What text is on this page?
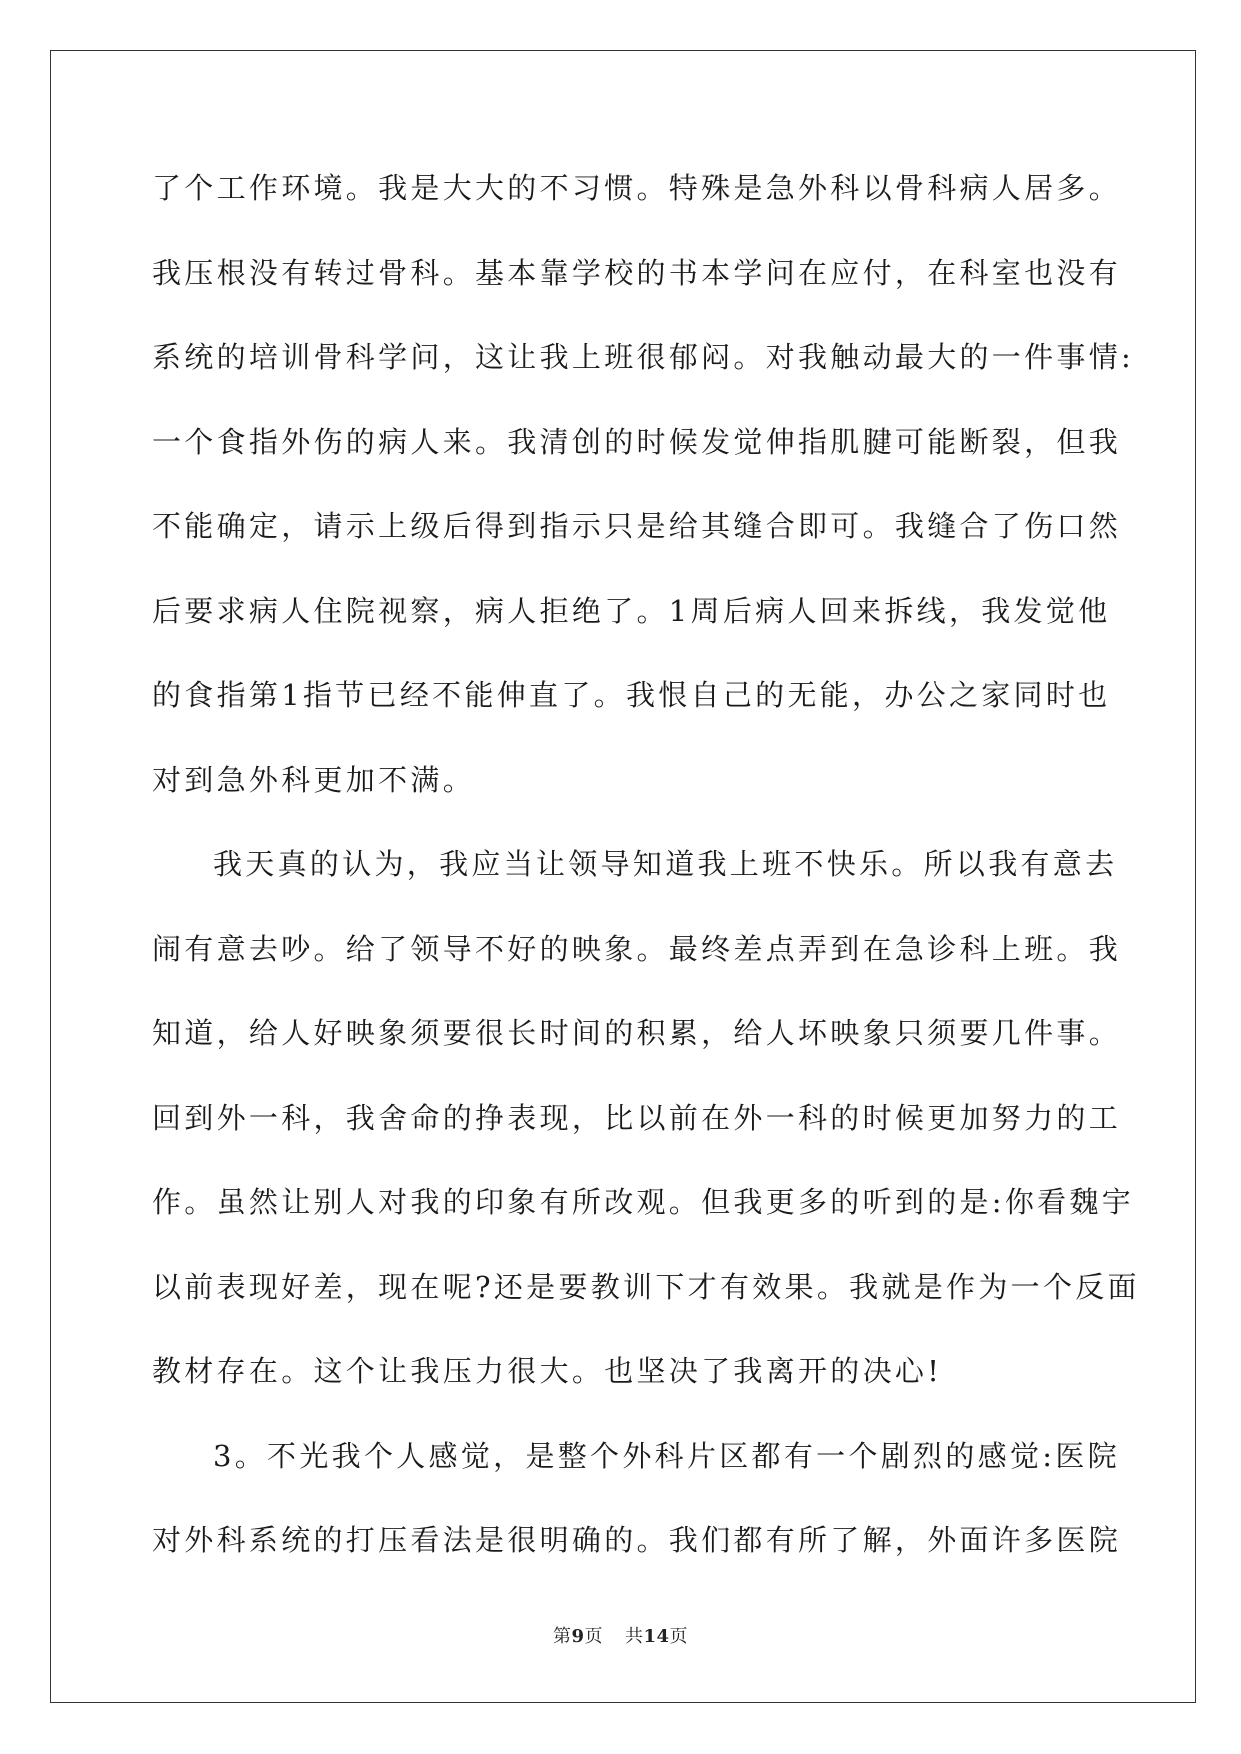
了个工作环境。我是大大的不习惯。特殊是急外科以骨科病人居多。
我压根没有转过骨科。基本靠学校的书本学问在应付，在科室也没有
系统的培训骨科学问，这让我上班很郁闷。对我触动最大的一件事情:
一个食指外伤的病人来。我清创的时候发觉伸指肌腱可能断裂，但我
不能确定，请示上级后得到指示只是给其缝合即可。我缝合了伤口然
后要求病人住院视察，病人拒绝了。1周后病人回来拆线，我发觉他
的食指第1指节已经不能伸直了。我恨自己的无能，办公之家同时也
对到急外科更加不满。
我天真的认为，我应当让领导知道我上班不快乐。所以我有意去
闹有意去吵。给了领导不好的映象。最终差点弄到在急诊科上班。我
知道，给人好映象须要很长时间的积累，给人坏映象只须要几件事。
回到外一科，我舍命的挣表现，比以前在外一科的时候更加努力的工
作。虽然让别人对我的印象有所改观。但我更多的听到的是:你看魏宇
以前表现好差，现在呢?还是要教训下才有效果。我就是作为一个反面
教材存在。这个让我压力很大。也坚决了我离开的决心!
3。不光我个人感觉，是整个外科片区都有一个剧烈的感觉:医院
对外科系统的打压看法是很明确的。我们都有所了解，外面许多医院
第9页 共14页
